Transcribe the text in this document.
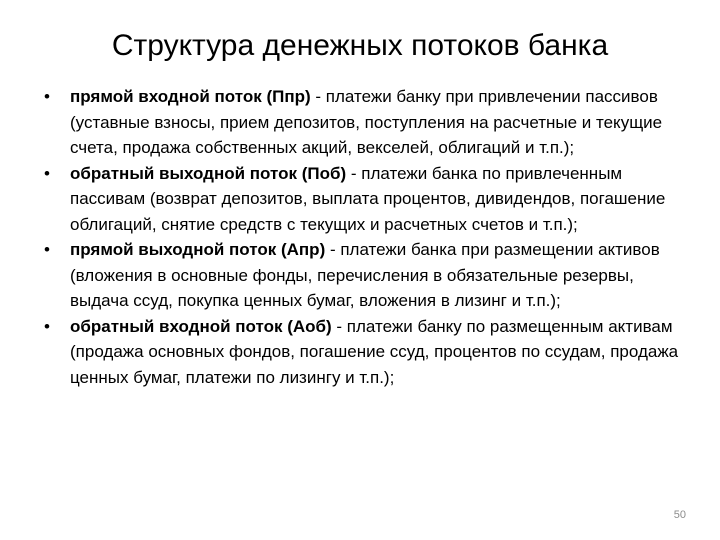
Структура денежных потоков банка
•	прямой входной поток (Ппр) - платежи банку при привлечении пассивов (уставные взносы, прием депозитов, поступления на расчетные и текущие счета, продажа собственных акций, векселей, облигаций и т.п.);
•	обратный выходной поток (Поб) - платежи банка по привлеченным пассивам (возврат депозитов, выплата процентов, дивидендов, погашение облигаций, снятие средств с текущих и расчетных счетов и т.п.);
•	прямой выходной поток (Апр) - платежи банка при размещении активов (вложения в основные фонды, перечисления в обязательные резервы, выдача ссуд, покупка ценных бумаг, вложения в лизинг и т.п.);
•	обратный входной поток (Аоб) - платежи банку по размещенным активам (продажа основных фондов, погашение ссуд, процентов по ссудам, продажа ценных бумаг, платежи по лизингу и т.п.);
50
